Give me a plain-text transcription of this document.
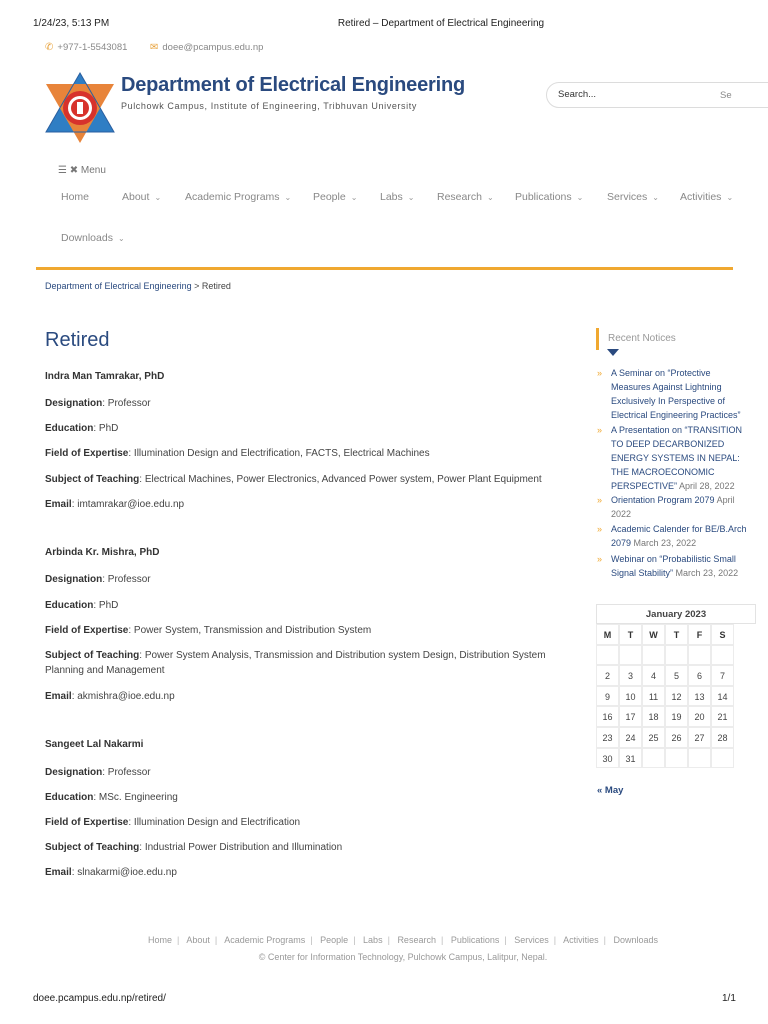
1/24/23, 5:13 PM	Retired – Department of Electrical Engineering
doee.pcampus.edu.np/retired/	1/1
✆ +977-1-5543081 ✉ doee@pcampus.edu.np
Department of Electrical Engineering
Pulchowk Campus, Institute of Engineering, Tribhuvan University
Search...	Se
☰ ✖ Menu
Home	About ⌄ Academic Programs ⌄ People ⌄ Labs ⌄ Research ⌄ Publications ⌄ Services ⌄ Activities ⌄
Downloads ⌄
Department of Electrical Engineering > Retired
Retired
Indra Man Tamrakar, PhD
Designation: Professor
Education: PhD
Field of Expertise: Illumination Design and Electrification, FACTS, Electrical Machines
Subject of Teaching: Electrical Machines, Power Electronics, Advanced Power system, Power Plant Equipment
Email: imtamrakar@ioe.edu.np
Arbinda Kr. Mishra, PhD
Designation: Professor
Education: PhD
Field of Expertise: Power System, Transmission and Distribution System
Subject of Teaching: Power System Analysis, Transmission and Distribution system Design, Distribution System Planning and Management
Email: akmishra@ioe.edu.np
Sangeet Lal Nakarmi
Designation: Professor
Education: MSc. Engineering
Field of Expertise: Illumination Design and Electrification
Subject of Teaching: Industrial Power Distribution and Illumination
Email: slnakarmi@ioe.edu.np
Recent Notices
» A Seminar on “Protective Measures Against Lightning Exclusively In Perspective of Electrical Engineering Practices”
» A Presentation on “TRANSITION TO DEEP DECARBONIZED ENERGY SYSTEMS IN NEPAL: THE MACROECONOMIC PERSPECTIVE” April 28, 2022
» Orientation Program 2079 April 2022
» Academic Calender for BE/B.Arch 2079 March 23, 2022
» Webinar on “Probabilistic Small Signal Stability” March 23, 2022
January 2023
M	T	W	T	F	S
2	3	4	5	6	7
9	10	11	12	13	14
16	17	18	19	20	21
23	24	25	26	27	28
30	31
« May
Home | About | Academic Programs | People | Labs | Research | Publications | Services | Activities | Downloads
© Center for Information Technology, Pulchowk Campus, Lalitpur, Nepal.
